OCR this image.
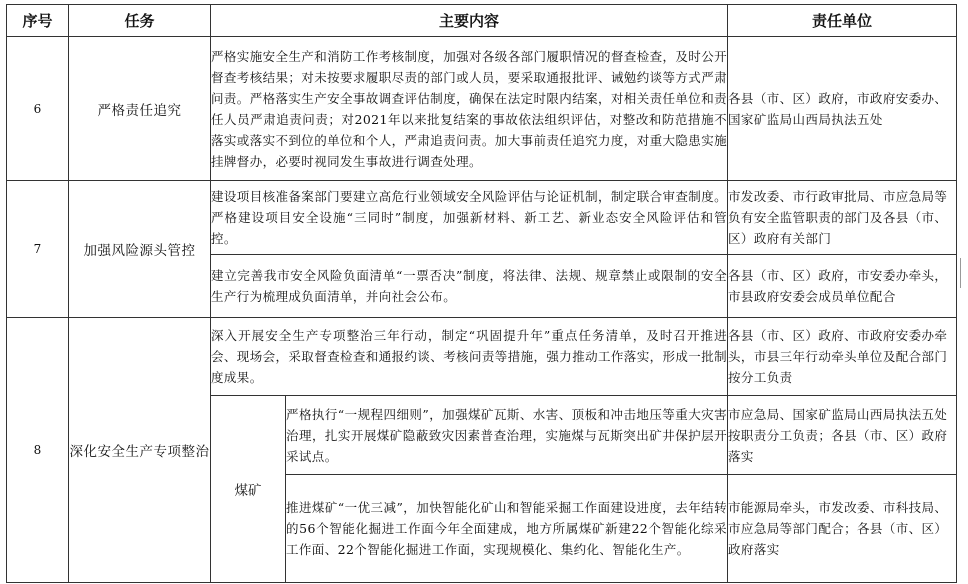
序号	任务	主要内容		责任单位
6	严格责任追究	严格实施安全生产和消防工作考核制度，加强对各级各部门履职情况的督查检查，及时公开督查考核结果；对未按要求履职尽责的部门或人员，要采取通报批评、诫勉约谈等方式严肃问责。严格落实生产安全事故调查评估制度，确保在法定时限内结案，对相关责任单位和责任人员严肃追责问责；对2021年以来批复结案的事故依法组织评估，对整改和防范措施不落实或落实不到位的单位和个人，严肃追责问责。加大事前责任追究力度，对重大隐患实施挂牌督办，必要时视同发生事故进行调查处理。		各县（市、区）政府，市政府安委办、国家矿监局山西局执法五处
7	加强风险源头管控	建设项目核准备案部门要建立高危行业领域安全风险评估与论证机制，制定联合审查制度。严格建设项目安全设施“三同时”制度，加强新材料、新工艺、新业态安全风险评估和管控。		市发改委、市行政审批局、市应急局等负有安全监管职责的部门及各县（市、区）政府有关部门
		建立完善我市安全风险负面清单“一票否决”制度，将法律、法规、规章禁止或限制的安全生产行为梳理成负面清单，并向社会公布。		各县（市、区）政府，市安委办牵头，市县政府安委会成员单位配合
8	深化安全生产专项整治	深入开展安全生产专项整治三年行动，制定“巩固提升年”重点任务清单，及时召开推进会、现场会，采取督查检查和通报约谈、考核问责等措施，强力推动工作落实，形成一批制度成果。		各县（市、区）政府、市政府安委办牵头，市县三年行动牵头单位及配合部门按分工负责
		煤矿	严格执行“一规程四细则”，加强煤矿瓦斯、水害、顶板和冲击地压等重大灾害治理，扎实开展煤矿隐蔽致灾因素普查治理，实施煤与瓦斯突出矿井保护层开采试点。	市应急局、国家矿监局山西局执法五处按职责分工负责；各县（市、区）政府落实
			推进煤矿“一优三减”，加快智能化矿山和智能采掘工作面建设进度，去年结转的56个智能化掘进工作面今年全面建成，地方所属煤矿新建22个智能化综采工作面、22个智能化掘进工作面，实现规模化、集约化、智能化生产。	市能源局牵头，市发改委、市科技局、市应急局等部门配合；各县（市、区）政府落实
